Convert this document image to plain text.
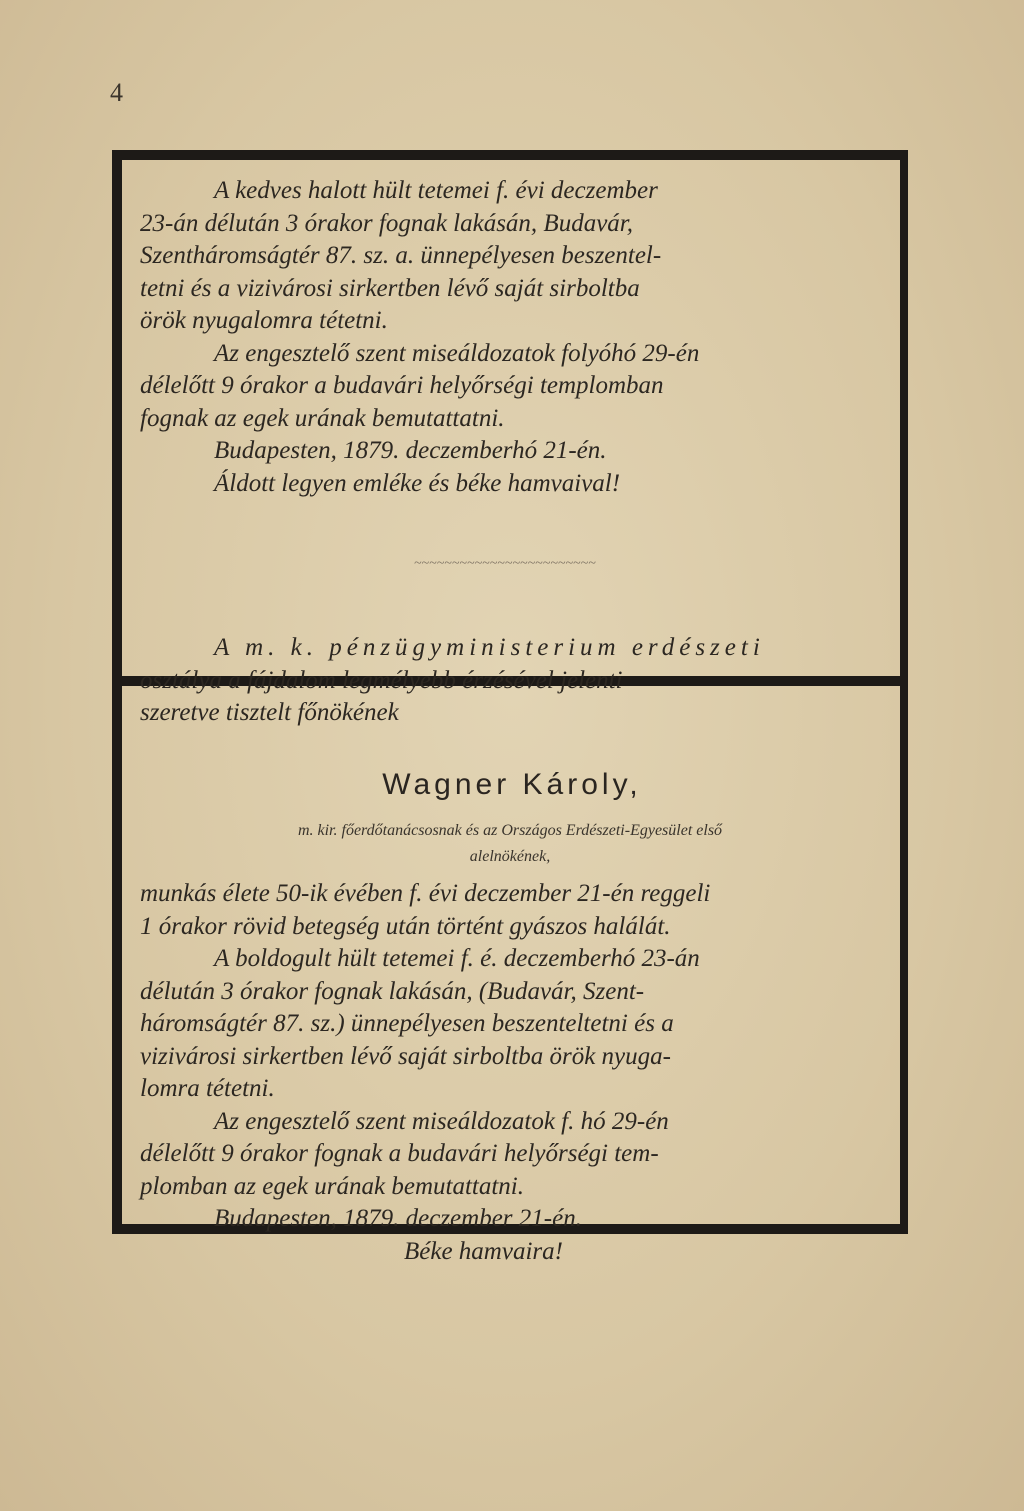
4
A kedves halott hült tetemei f. évi deczember
23-án délután 3 órakor fognak lakásán, Budavár,
Szentháromságtér 87. sz. a. ünnepélyesen beszentel-
tetni és a vizivárosi sirkertben lévő saját sirboltba
örök nyugalomra tétetni.
Az engesztelő szent miseáldozatok folyóhó 29-én
délelőtt 9 órakor a budavári helyőrségi templomban
fognak az egek urának bemutattatni.
Budapesten, 1879. deczemberhó 21-én.
Áldott legyen emléke és béke hamvaival!
~~~~~~~~~~~~~~~~~~~~~~~~
A m. k. pénzügyministerium erdészeti
osztálya a fájdalom legmélyebb érzésével jelenti
szeretve tisztelt főnökének
Wagner Károly,
m. kir. főerdőtanácsosnak és az Országos Erdészeti-Egyesület első
alelnökének,
munkás élete 50-ik évében f. évi deczember 21-én reggeli
1 órakor rövid betegség után történt gyászos halálát.
A boldogult hült tetemei f. é. deczemberhó 23-án
délután 3 órakor fognak lakásán, (Budavár, Szent-
háromságtér 87. sz.) ünnepélyesen beszenteltetni és a
vizivárosi sirkertben lévő saját sirboltba örök nyuga-
lomra tétetni.
Az engesztelő szent miseáldozatok f. hó 29-én
délelőtt 9 órakor fognak a budavári helyőrségi tem-
plomban az egek urának bemutattatni.
Budapesten, 1879. deczember 21-én.
Béke hamvaira!
